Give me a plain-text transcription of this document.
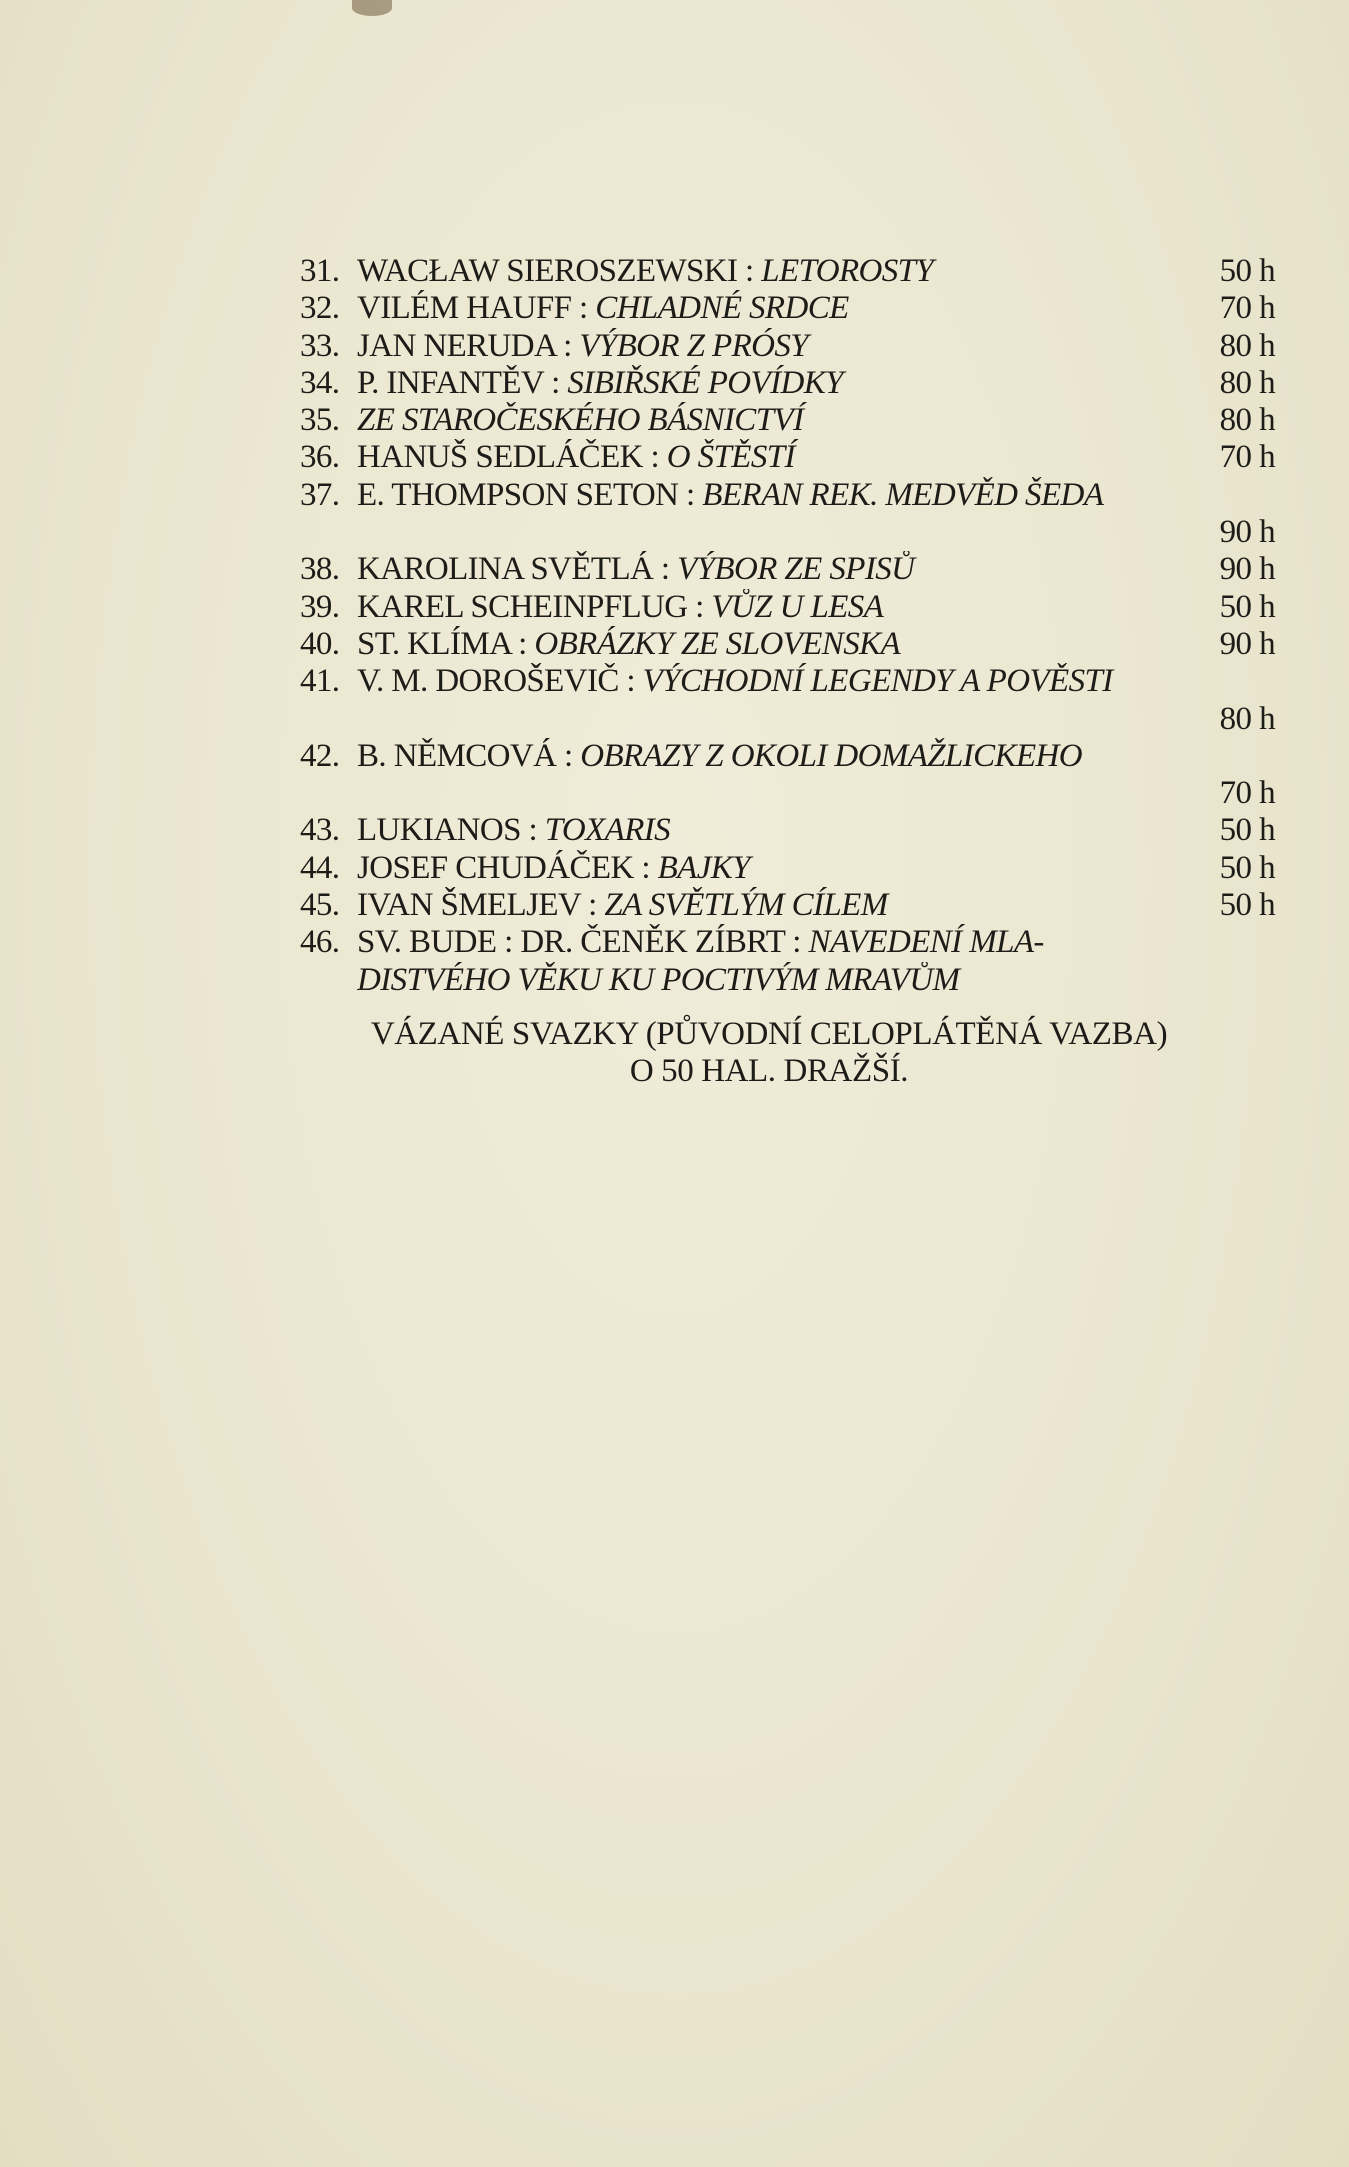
31. WACŁAW SIEROSZEWSKI : LETOROSTY	50 h
32. VILÉM HAUFF : CHLADNÉ SRDCE	70 h
33. JAN NERUDA : VÝBOR Z PRÓSY	80 h
34. P. INFANTĚV : SIBIŘSKÉ POVÍDKY	80 h
35. ZE STAROČESKÉHO BÁSNICTVÍ	80 h
36. HANUŠ SEDLÁČEK : O ŠTĚSTÍ	70 h
37. E. THOMPSON SETON : BERAN REK. MEDVĚD ŠEDA
90 h
38. KAROLINA SVĚTLÁ : VÝBOR ZE SPISŮ	90 h
39. KAREL SCHEINPFLUG : VŮZ U LESA	50 h
40. ST. KLÍMA : OBRÁZKY ZE SLOVENSKA	90 h
41. V. M. DOROŠEVIČ : VÝCHODNÍ LEGENDY A POVĚSTI
80 h
42. B. NĚMCOVÁ : OBRAZY Z OKOLI DOMAŽLICKEHO
70 h
43. LUKIANOS : TOXARIS	50 h
44. JOSEF CHUDÁČEK : BAJKY	50 h
45. IVAN ŠMELJEV : ZA SVĚTLÝM CÍLEM	50 h
46. SV. BUDE : DR. ČENĚK ZÍBRT : NAVEDENÍ MLA-
DISTVÉHO VĚKU KU POCTIVÝM MRAVŮM
VÁZANÉ SVAZKY (PŮVODNÍ CELOPLÁTĚNÁ VAZBA)
O 50 HAL. DRAŽŠÍ.
